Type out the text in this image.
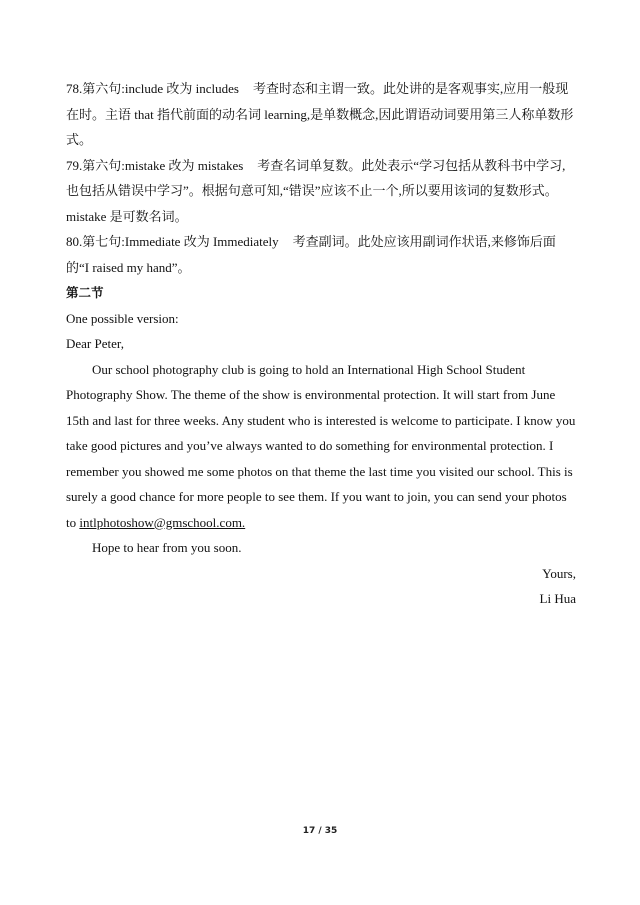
78.第六句:include 改为 includes 考查时态和主谓一致。此处讲的是客观事实,应用一般现在时。主语 that 指代前面的动名词 learning,是单数概念,因此谓语动词要用第三人称单数形式。

79.第六句:mistake 改为 mistakes 考查名词单复数。此处表示“学习包括从教科书中学习,也包括从错误中学习”。根据句意可知,“错误”应该不止一个,所以要用该词的复数形式。

mistake 是可数名词。

80.第七句:Immediate 改为 Immediately 考查副词。此处应该用副词作状语,来修饰后面的“I raised my hand”。

第二节

One possible version:

Dear Peter,

Our school photography club is going to hold an International High School Student Photography Show. The theme of the show is environmental protection. It will start from June 15th and last for three weeks. Any student who is interested is welcome to participate. I know you take good pictures and you’ve always wanted to do something for environmental protection. I remember you showed me some photos on that theme the last time you visited our school. This is surely a good chance for more people to see them. If you want to join, you can send your photos to intlphotoshow@gmschool.com.

Hope to hear from you soon.

Yours,

Li Hua

17 / 35
